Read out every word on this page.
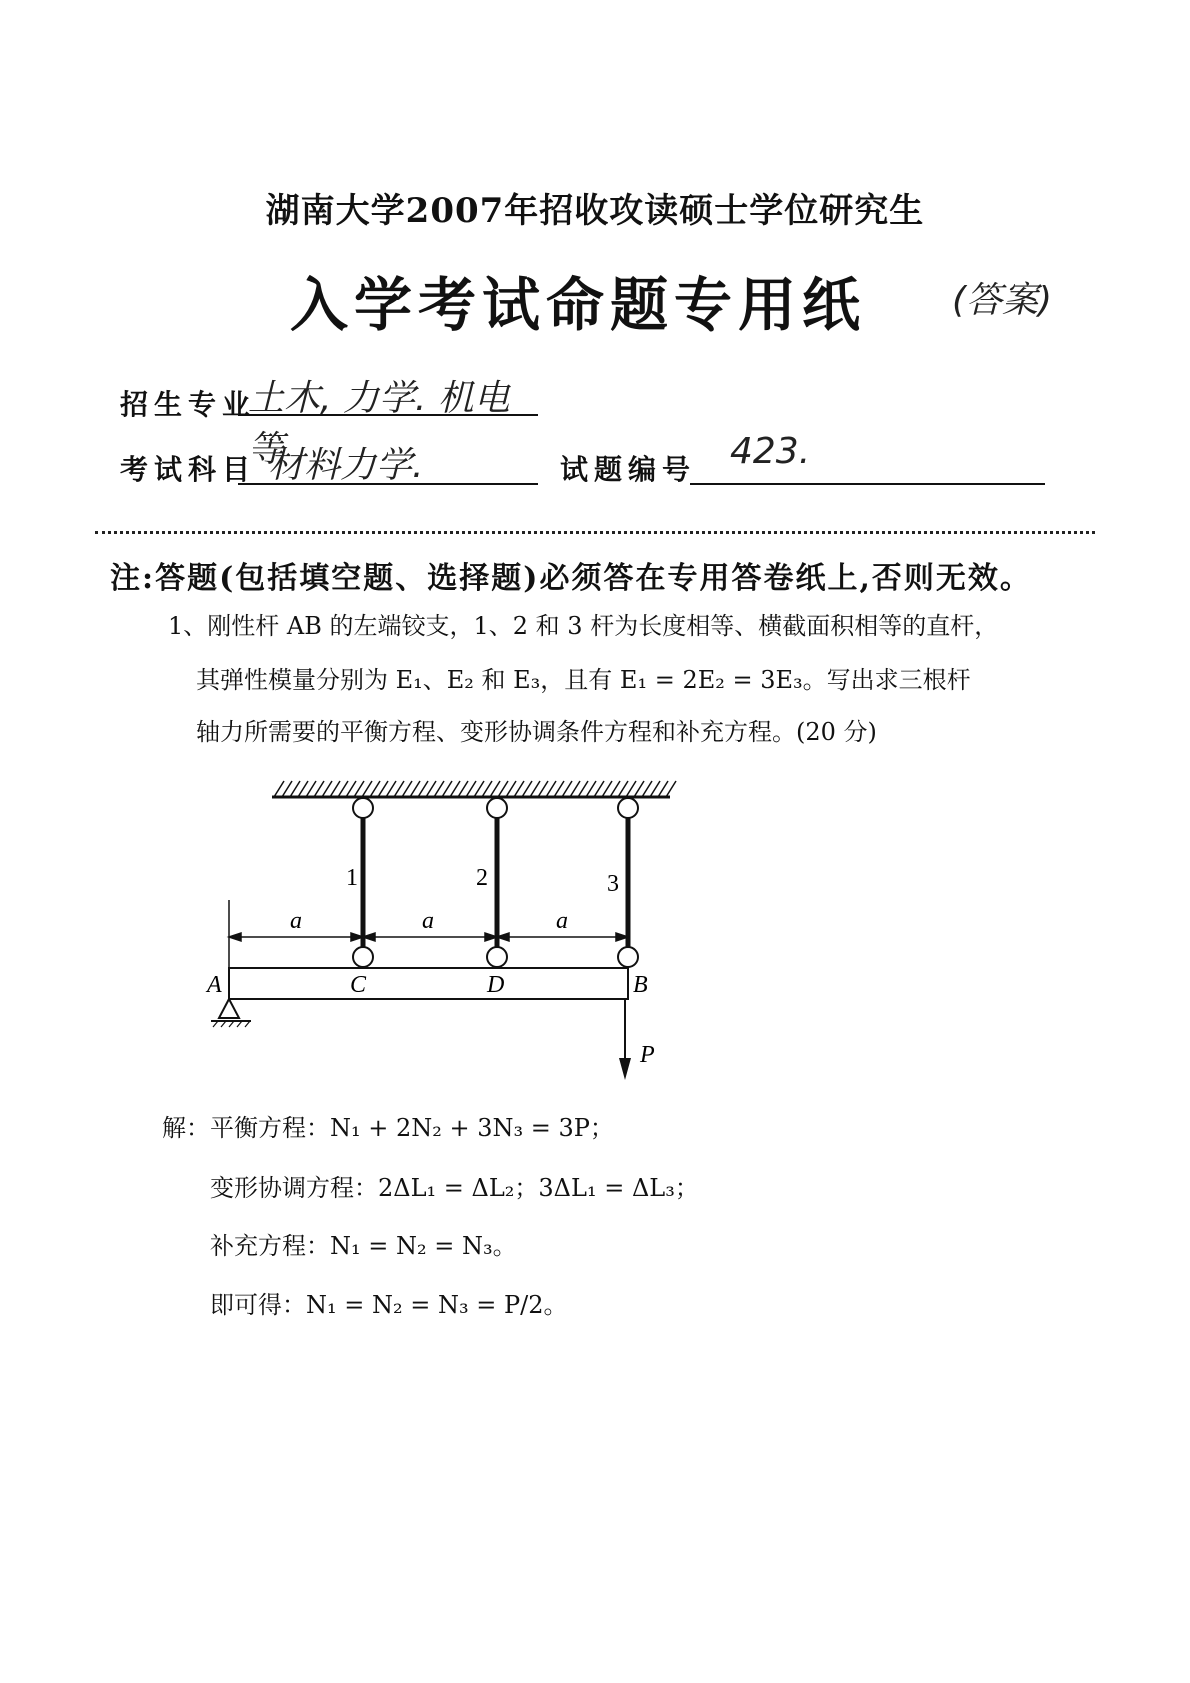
湖南大学2007年招收攻读硕士学位研究生
入学考试命题专用纸 (答案)
招生专业
土木, 力学. 机电等
考试科目 材料力学.	试题编号 423.
注:答题(包括填空题、选择题)必须答在专用答卷纸上,否则无效。
1、刚性杆 AB 的左端铰支，1、2 和 3 杆为长度相等、横截面积相等的直杆，
其弹性模量分别为 E₁、E₂ 和 E₃，且有 E₁ = 2E₂ = 3E₃。写出求三根杆
轴力所需要的平衡方程、变形协调条件方程和补充方程。(20 分)
1	2	3
a	a	a
A	C	D	B
P
解：平衡方程：N₁ + 2N₂ + 3N₃ = 3P；
变形协调方程：2ΔL₁ = ΔL₂；3ΔL₁ = ΔL₃；
补充方程：N₁ = N₂ = N₃。
即可得：N₁ = N₂ = N₃ = P/2。
